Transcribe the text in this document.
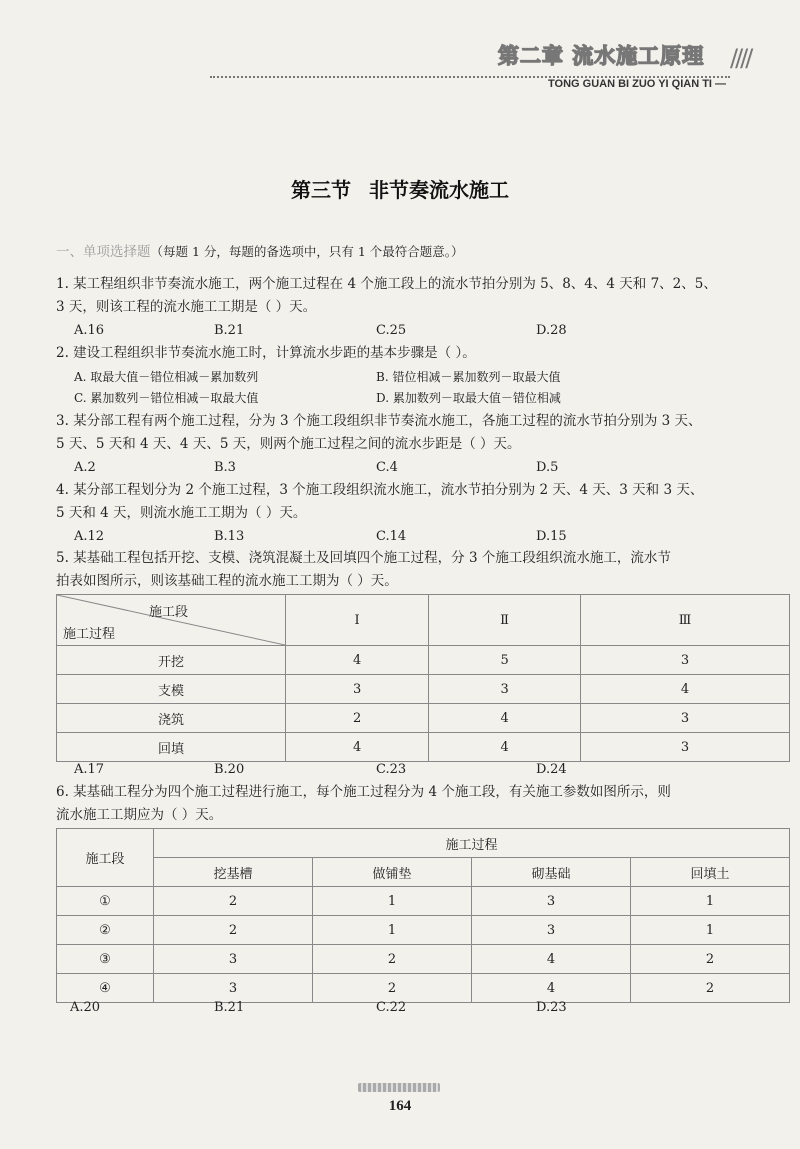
第二章 流水施工原理 ////
TONG GUAN BI ZUO YI QIAN TI —
第三节 非节奏流水施工
一、单项选择题（每题 1 分，每题的备选项中，只有 1 个最符合题意。）
1. 某工程组织非节奏流水施工，两个施工过程在 4 个施工段上的流水节拍分别为 5、8、4、4 天和 7、2、5、
3 天，则该工程的流水施工工期是（ ）天。
A.16	B.21	C.25	D.28
2. 建设工程组织非节奏流水施工时，计算流水步距的基本步骤是（ ）。
A. 取最大值－错位相减－累加数列	B. 错位相减－累加数列－取最大值
C. 累加数列－错位相减－取最大值	D. 累加数列－取最大值－错位相减
3. 某分部工程有两个施工过程，分为 3 个施工段组织非节奏流水施工，各施工过程的流水节拍分别为 3 天、
5 天、5 天和 4 天、4 天、5 天，则两个施工过程之间的流水步距是（ ）天。
A.2	B.3	C.4	D.5
4. 某分部工程划分为 2 个施工过程，3 个施工段组织流水施工，流水节拍分别为 2 天、4 天、3 天和 3 天、
5 天和 4 天，则流水施工工期为（ ）天。
A.12	B.13	C.14	D.15
5. 某基础工程包括开挖、支模、浇筑混凝土及回填四个施工过程，分 3 个施工段组织流水施工，流水节
拍表如图所示，则该基础工程的流水施工工期为（ ）天。
施工段
施工过程	Ⅰ	Ⅱ	Ⅲ
开挖	4	5	3
支模	3	3	4
浇筑	2	4	3
回填	4	4	3
A.17	B.20	C.23	D.24
6. 某基础工程分为四个施工过程进行施工，每个施工过程分为 4 个施工段，有关施工参数如图所示，则
流水施工工期应为（ ）天。
施工段	施工过程			
	挖基槽	做铺垫	砌基础	回填土
①	2	1	3	1
②	2	1	3	1
③	3	2	4	2
④	3	2	4	2
A.20	B.21	C.22	D.23
164
